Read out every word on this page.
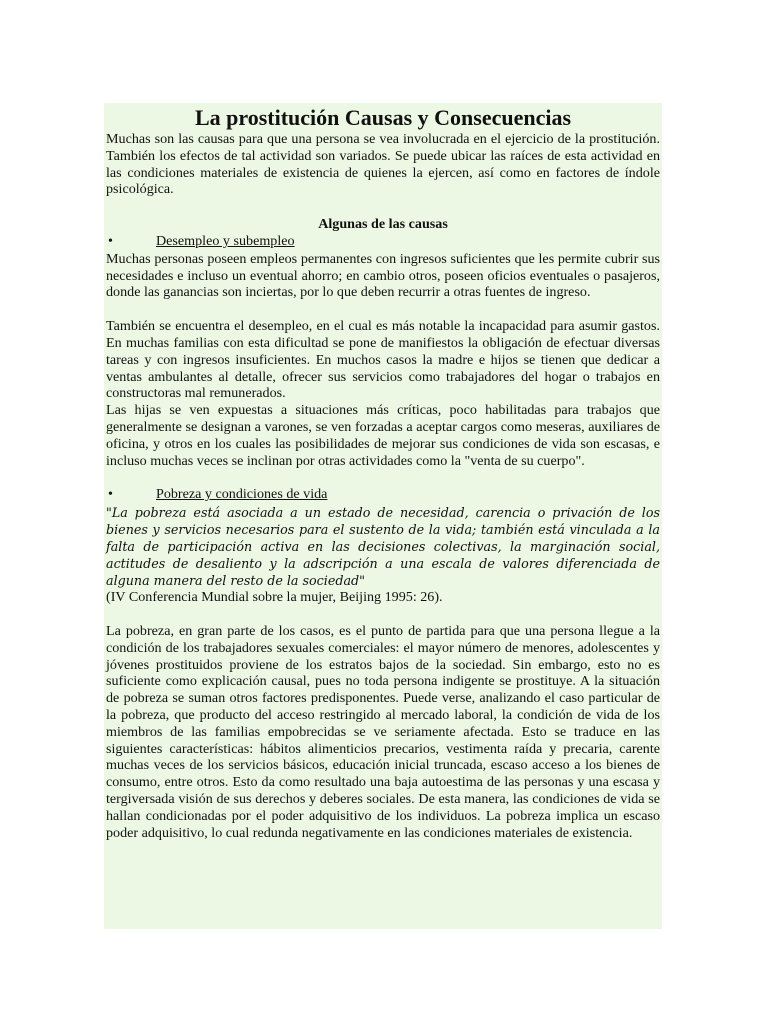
La prostitución Causas y Consecuencias

Muchas son las causas para que una persona se vea involucrada en el ejercicio de la prostitución. También los efectos de tal actividad son variados. Se puede ubicar las raíces de esta actividad en las condiciones materiales de existencia de quienes la ejercen, así como en factores de índole psicológica.

Algunas de las causas
•	Desempleo y subempleo

Muchas personas poseen empleos permanentes con ingresos suficientes que les permite cubrir sus necesidades e incluso un eventual ahorro; en cambio otros, poseen oficios eventuales o pasajeros, donde las ganancias son inciertas, por lo que deben recurrir a otras fuentes de ingreso.

También se encuentra el desempleo, en el cual es más notable la incapacidad para asumir gastos. En muchas familias con esta dificultad se pone de manifiestos la obligación de efectuar diversas tareas y con ingresos insuficientes. En muchos casos la madre e hijos se tienen que dedicar a ventas ambulantes al detalle, ofrecer sus servicios como trabajadores del hogar o trabajos en constructoras mal remunerados.

Las hijas se ven expuestas a situaciones más críticas, poco habilitadas para trabajos que generalmente se designan a varones, se ven forzadas a aceptar cargos como meseras, auxiliares de oficina, y otros en los cuales las posibilidades de mejorar sus condiciones de vida son escasas, e incluso muchas veces se inclinan por otras actividades como la "venta de su cuerpo".

•	Pobreza y condiciones de vida

"La pobreza está asociada a un estado de necesidad, carencia o privación de los bienes y servicios necesarios para el sustento de la vida; también está vinculada a la falta de participación activa en las decisiones colectivas, la marginación social, actitudes de desaliento y la adscripción a una escala de valores diferenciada de alguna manera del resto de la sociedad"

(IV Conferencia Mundial sobre la mujer, Beijing 1995: 26).

La pobreza, en gran parte de los casos, es el punto de partida para que una persona llegue a la condición de los trabajadores sexuales comerciales: el mayor número de menores, adolescentes y jóvenes prostituidos proviene de los estratos bajos de la sociedad. Sin embargo, esto no es suficiente como explicación causal, pues no toda persona indigente se prostituye. A la situación de pobreza se suman otros factores predisponentes. Puede verse, analizando el caso particular de la pobreza, que producto del acceso restringido al mercado laboral, la condición de vida de los miembros de las familias empobrecidas se ve seriamente afectada. Esto se traduce en las siguientes características: hábitos alimenticios precarios, vestimenta raída y precaria, carente muchas veces de los servicios básicos, educación inicial truncada, escaso acceso a los bienes de consumo, entre otros. Esto da como resultado una baja autoestima de las personas y una escasa y tergiversada visión de sus derechos y deberes sociales. De esta manera, las condiciones de vida se hallan condicionadas por el poder adquisitivo de los individuos. La pobreza implica un escaso poder adquisitivo, lo cual redunda negativamente en las condiciones materiales de existencia.
